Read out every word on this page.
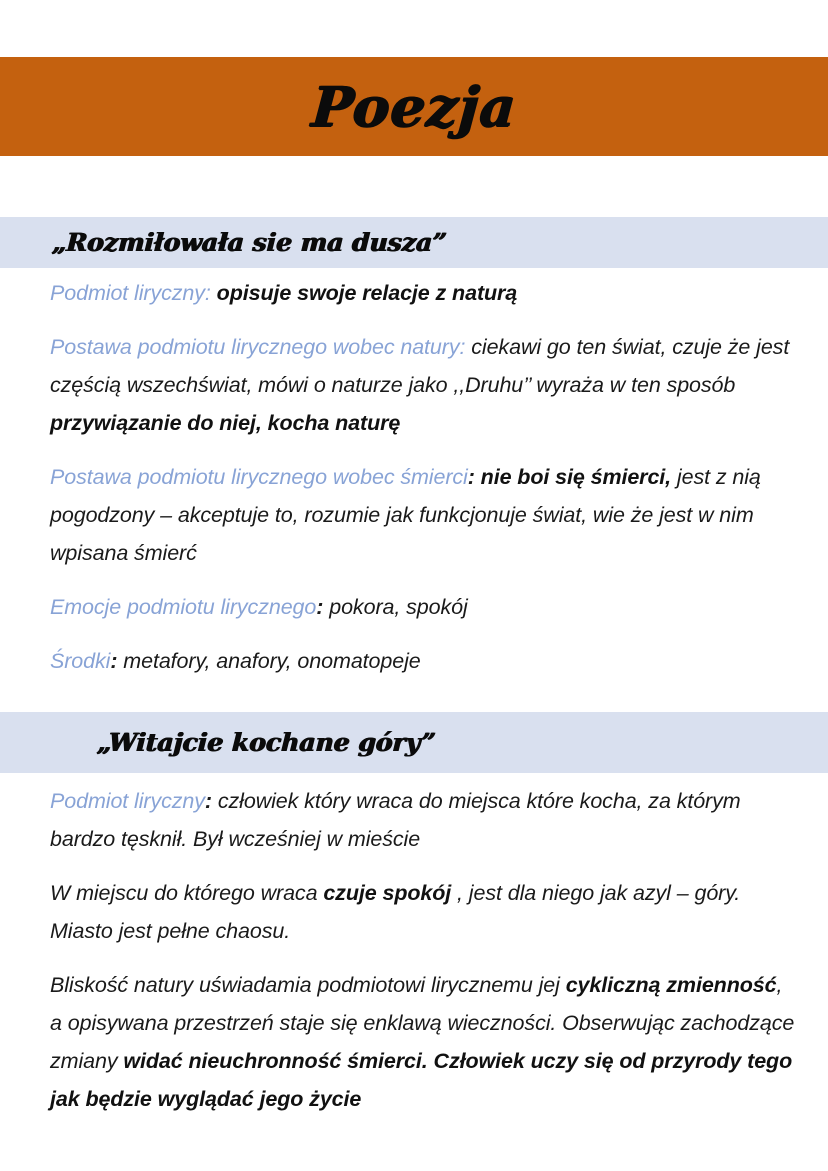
Poezja
„Rozmiłowała sie ma dusza”

Podmiot liryczny: opisuje swoje relacje z naturą

Postawa podmiotu lirycznego wobec natury: ciekawi go ten świat, czuje że jest częścią wszechświat, mówi o naturze jako ,,Druhu’’ wyraża w ten sposób przywiązanie do niej, kocha naturę

Postawa podmiotu lirycznego wobec śmierci: nie boi się śmierci, jest z nią pogodzony – akceptuje to, rozumie jak funkcjonuje świat, wie że jest w nim wpisana śmierć

Emocje podmiotu lirycznego: pokora, spokój

Środki: metafory, anafory, onomatopeje

„Witajcie kochane góry”

Podmiot liryczny: człowiek który wraca do miejsca które kocha, za którym bardzo tęsknił. Był wcześniej w mieście

W miejscu do którego wraca czuje spokój , jest dla niego jak azyl – góry. Miasto jest pełne chaosu.

Bliskość natury uświadamia podmiotowi lirycznemu jej cykliczną zmienność, a opisywana przestrzeń staje się enklawą wieczności. Obserwując zachodzące zmiany widać nieuchronność śmierci. Człowiek uczy się od przyrody tego jak będzie wyglądać jego życie
